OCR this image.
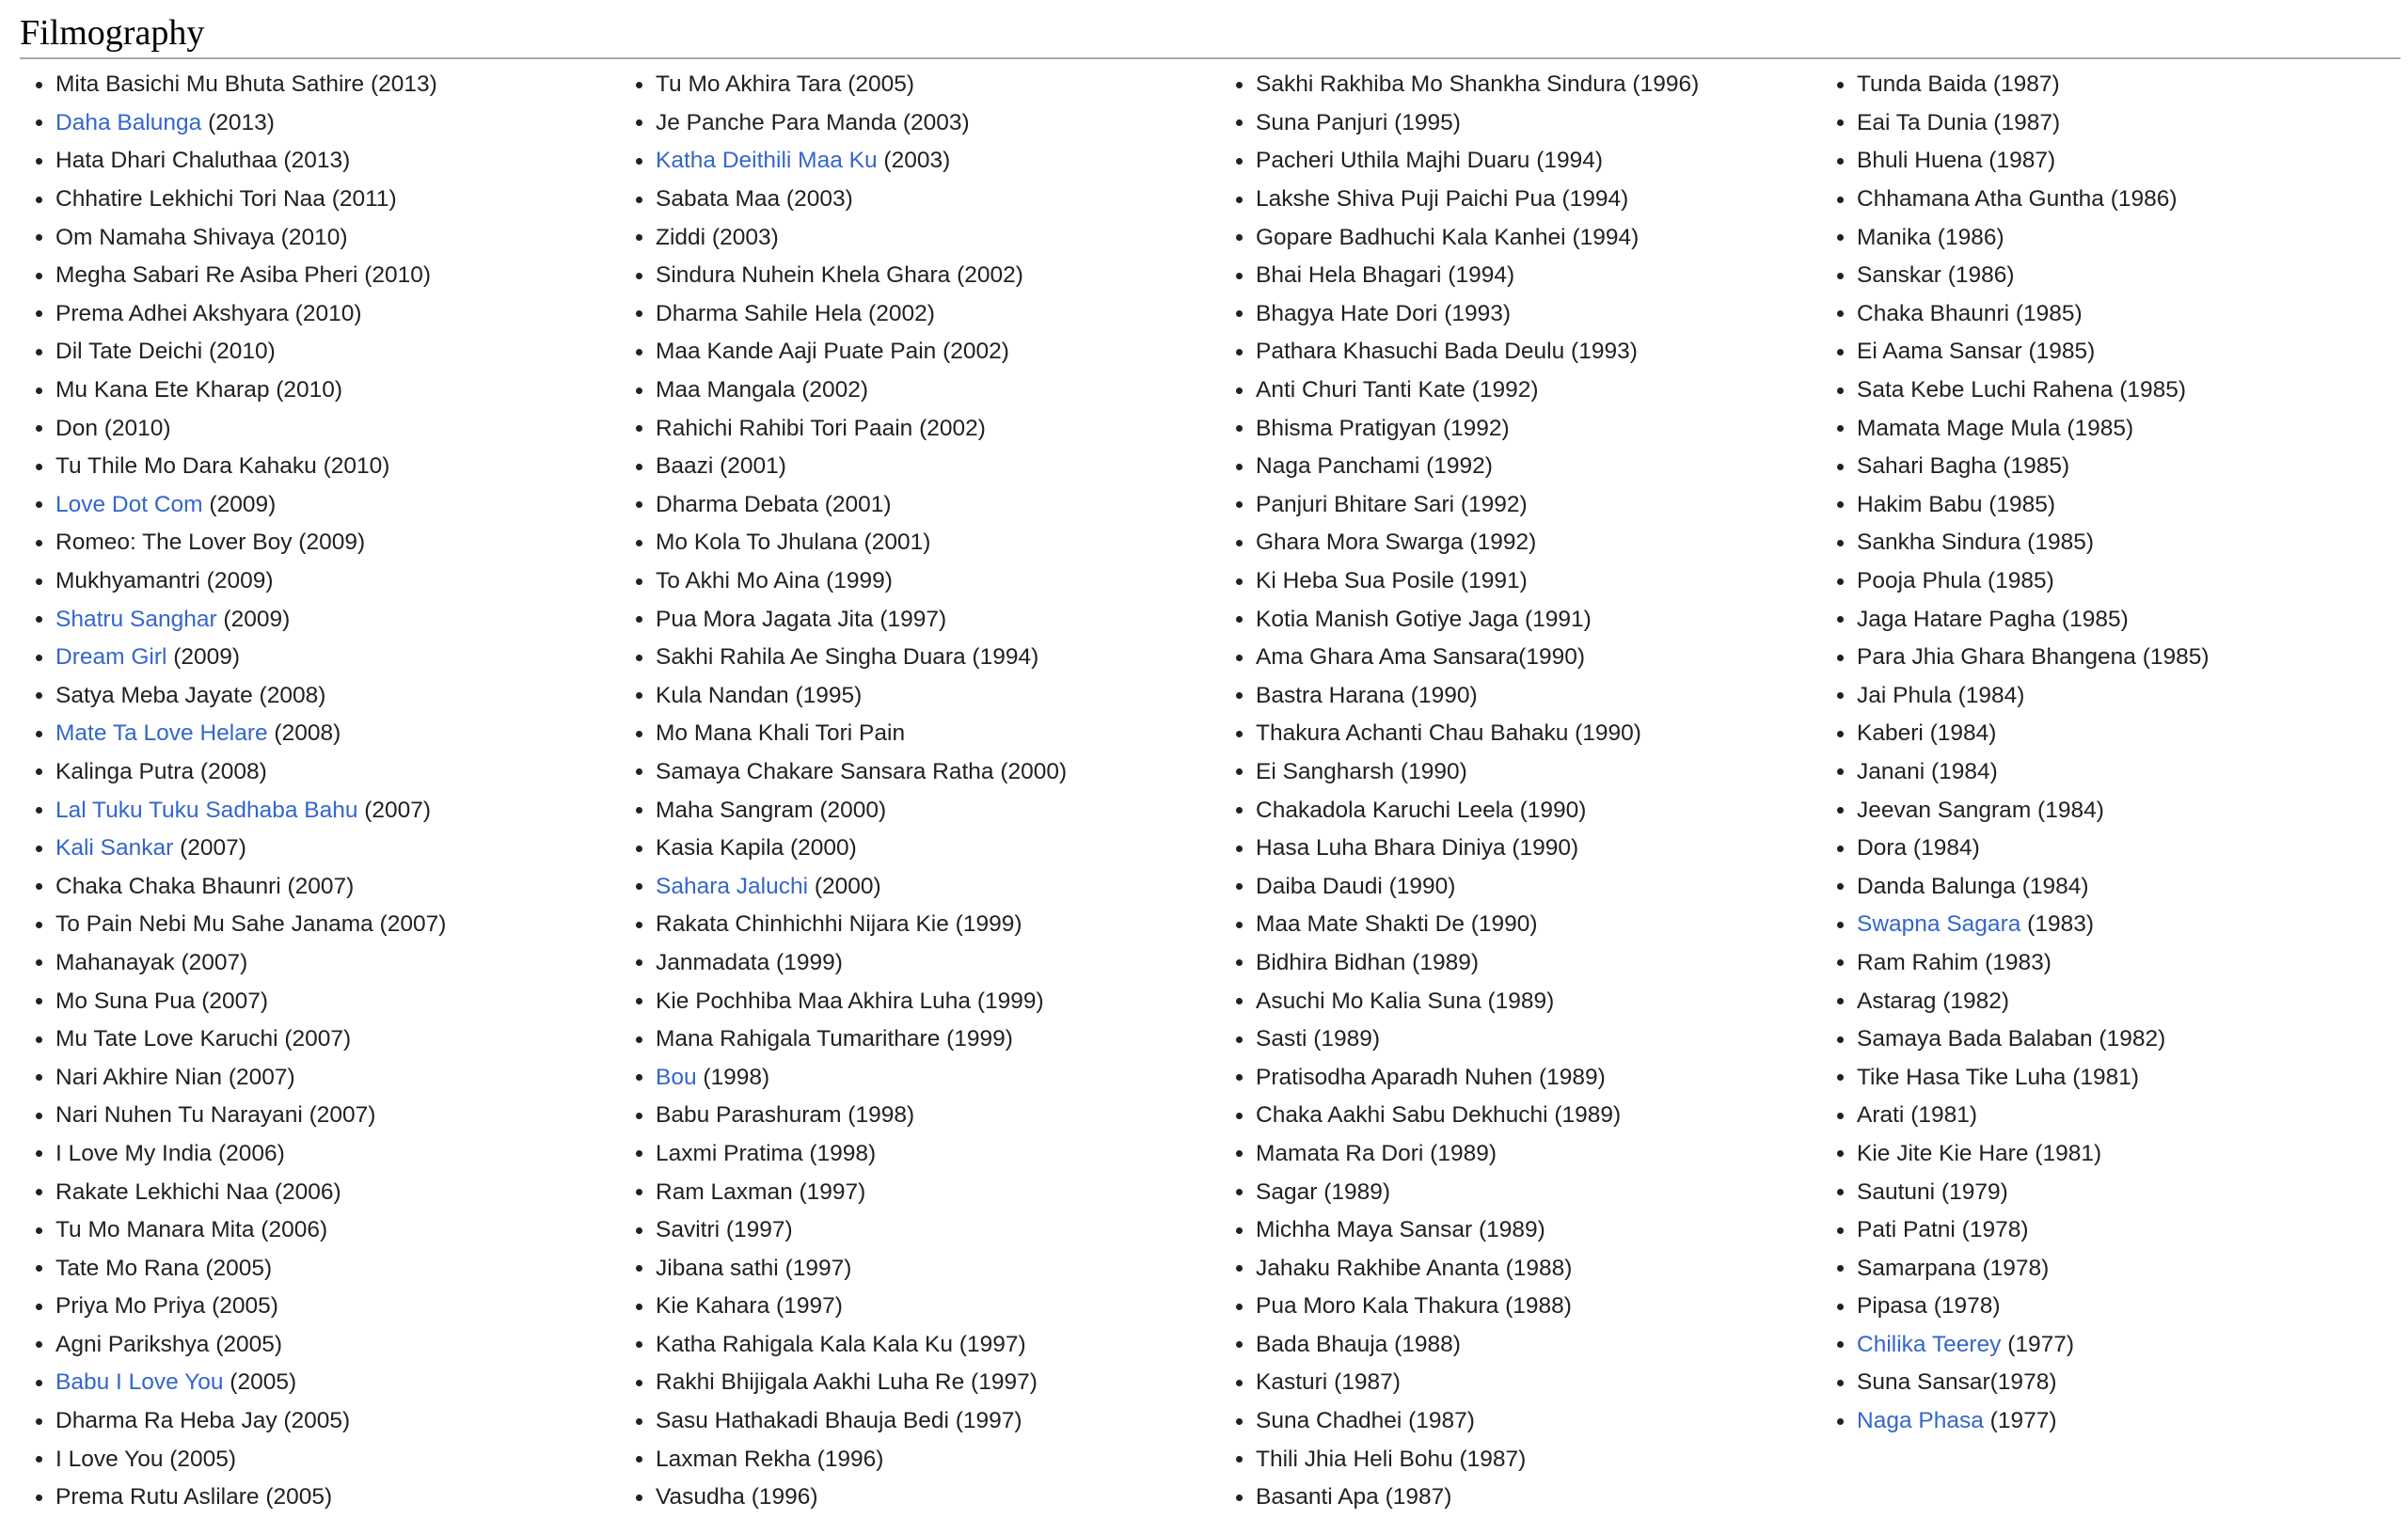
Filmography
Mita Basichi Mu Bhuta Sathire (2013)
Daha Balunga (2013)
Hata Dhari Chaluthaa (2013)
Chhatire Lekhichi Tori Naa (2011)
Om Namaha Shivaya (2010)
Megha Sabari Re Asiba Pheri (2010)
Prema Adhei Akshyara (2010)
Dil Tate Deichi (2010)
Mu Kana Ete Kharap (2010)
Don (2010)
Tu Thile Mo Dara Kahaku (2010)
Love Dot Com (2009)
Romeo: The Lover Boy (2009)
Mukhyamantri (2009)
Shatru Sanghar (2009)
Dream Girl (2009)
Satya Meba Jayate (2008)
Mate Ta Love Helare (2008)
Kalinga Putra (2008)
Lal Tuku Tuku Sadhaba Bahu (2007)
Kali Sankar (2007)
Chaka Chaka Bhaunri (2007)
To Pain Nebi Mu Sahe Janama (2007)
Mahanayak (2007)
Mo Suna Pua (2007)
Mu Tate Love Karuchi (2007)
Nari Akhire Nian (2007)
Nari Nuhen Tu Narayani (2007)
I Love My India (2006)
Rakate Lekhichi Naa (2006)
Tu Mo Manara Mita (2006)
Tate Mo Rana (2005)
Priya Mo Priya (2005)
Agni Parikshya (2005)
Babu I Love You (2005)
Dharma Ra Heba Jay (2005)
I Love You (2005)
Prema Rutu Aslilare (2005)
Tu Mo Akhira Tara (2005)
Je Panche Para Manda (2003)
Katha Deithili Maa Ku (2003)
Sabata Maa (2003)
Ziddi (2003)
Sindura Nuhein Khela Ghara (2002)
Dharma Sahile Hela (2002)
Maa Kande Aaji Puate Pain (2002)
Maa Mangala (2002)
Rahichi Rahibi Tori Paain (2002)
Baazi (2001)
Dharma Debata (2001)
Mo Kola To Jhulana (2001)
To Akhi Mo Aina (1999)
Pua Mora Jagata Jita (1997)
Sakhi Rahila Ae Singha Duara (1994)
Kula Nandan (1995)
Mo Mana Khali Tori Pain
Samaya Chakare Sansara Ratha (2000)
Maha Sangram (2000)
Kasia Kapila (2000)
Sahara Jaluchi (2000)
Rakata Chinhichhi Nijara Kie (1999)
Janmadata (1999)
Kie Pochhiba Maa Akhira Luha (1999)
Mana Rahigala Tumarithare (1999)
Bou (1998)
Babu Parashuram (1998)
Laxmi Pratima (1998)
Ram Laxman (1997)
Savitri (1997)
Jibana sathi (1997)
Kie Kahara (1997)
Katha Rahigala Kala Kala Ku (1997)
Rakhi Bhijigala Aakhi Luha Re (1997)
Sasu Hathakadi Bhauja Bedi (1997)
Laxman Rekha (1996)
Vasudha (1996)
Sakhi Rakhiba Mo Shankha Sindura (1996)
Suna Panjuri (1995)
Pacheri Uthila Majhi Duaru (1994)
Lakshe Shiva Puji Paichi Pua (1994)
Gopare Badhuchi Kala Kanhei (1994)
Bhai Hela Bhagari (1994)
Bhagya Hate Dori (1993)
Pathara Khasuchi Bada Deulu (1993)
Anti Churi Tanti Kate (1992)
Bhisma Pratigyan (1992)
Naga Panchami (1992)
Panjuri Bhitare Sari (1992)
Ghara Mora Swarga (1992)
Ki Heba Sua Posile (1991)
Kotia Manish Gotiye Jaga (1991)
Ama Ghara Ama Sansara(1990)
Bastra Harana (1990)
Thakura Achanti Chau Bahaku (1990)
Ei Sangharsh (1990)
Chakadola Karuchi Leela (1990)
Hasa Luha Bhara Diniya (1990)
Daiba Daudi (1990)
Maa Mate Shakti De (1990)
Bidhira Bidhan (1989)
Asuchi Mo Kalia Suna (1989)
Sasti (1989)
Pratisodha Aparadh Nuhen (1989)
Chaka Aakhi Sabu Dekhuchi (1989)
Mamata Ra Dori (1989)
Sagar (1989)
Michha Maya Sansar (1989)
Jahaku Rakhibe Ananta (1988)
Pua Moro Kala Thakura (1988)
Bada Bhauja (1988)
Kasturi (1987)
Suna Chadhei (1987)
Thili Jhia Heli Bohu (1987)
Basanti Apa (1987)
Tunda Baida (1987)
Eai Ta Dunia (1987)
Bhuli Huena (1987)
Chhamana Atha Guntha (1986)
Manika (1986)
Sanskar (1986)
Chaka Bhaunri (1985)
Ei Aama Sansar (1985)
Sata Kebe Luchi Rahena (1985)
Mamata Mage Mula (1985)
Sahari Bagha (1985)
Hakim Babu (1985)
Sankha Sindura (1985)
Pooja Phula (1985)
Jaga Hatare Pagha (1985)
Para Jhia Ghara Bhangena (1985)
Jai Phula (1984)
Kaberi (1984)
Janani (1984)
Jeevan Sangram (1984)
Dora (1984)
Danda Balunga (1984)
Swapna Sagara (1983)
Ram Rahim (1983)
Astarag (1982)
Samaya Bada Balaban (1982)
Tike Hasa Tike Luha (1981)
Arati (1981)
Kie Jite Kie Hare (1981)
Sautuni (1979)
Pati Patni (1978)
Samarpana (1978)
Pipasa (1978)
Chilika Teerey (1977)
Suna Sansar(1978)
Naga Phasa (1977)
